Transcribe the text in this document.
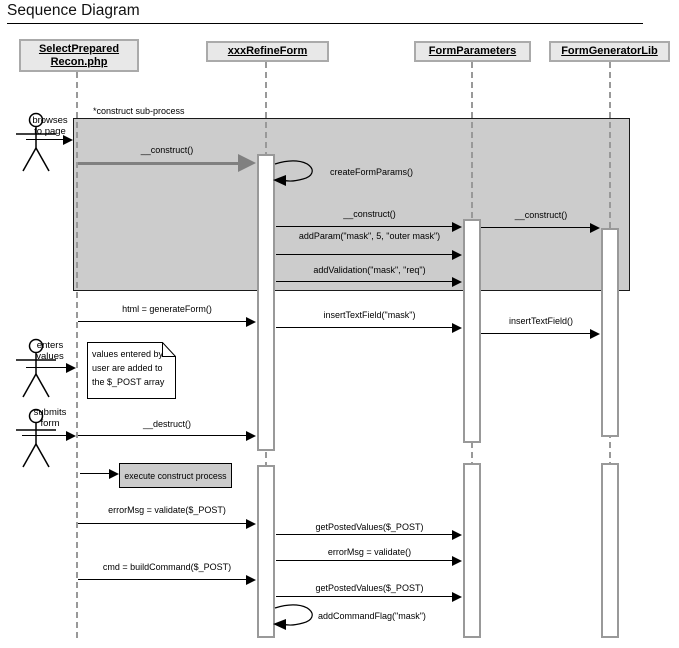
Sequence Diagram
*construct sub-process
SelectPrepared
Recon.php
xxxRefineForm	FormParameters	FormGeneratorLib
browses
to page
enters
values
submits
form
__construct()
createFormParams()
__construct()
addParam("mask", 5, "outer mask")
addValidation("mask", "req")
__construct()
html = generateForm()
insertTextField("mask")
insertTextField()
values entered by user are added to the $_POST array
__destruct()
execute construct process
errorMsg = validate($_POST)
getPostedValues($_POST)
errorMsg = validate()
cmd = buildCommand($_POST)
getPostedValues($_POST)
addCommandFlag("mask")
